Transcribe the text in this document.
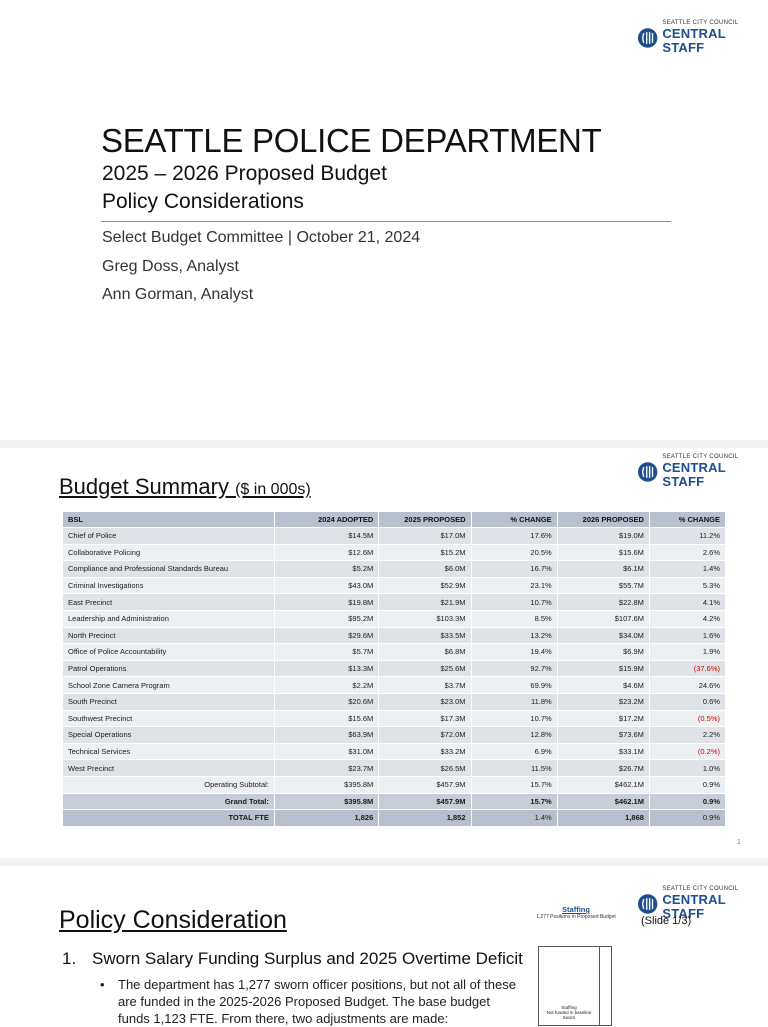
SEATTLE CITY COUNCIL
CENTRAL STAFF
SEATTLE POLICE DEPARTMENT
2025 – 2026 Proposed Budget
Policy Considerations
Select Budget Committee | October 21, 2024
Greg Doss, Analyst
Ann Gorman, Analyst
SEATTLE CITY COUNCIL
CENTRAL STAFF
Budget Summary ($ in 000s)
1
BSL	2024 ADOPTED	2025 PROPOSED	% CHANGE	2026 PROPOSED	% CHANGE
Chief of Police	$14.5M	$17.0M	17.6%	$19.0M	11.2%
Collaborative Policing	$12.6M	$15.2M	20.5%	$15.6M	2.6%
Compliance and Professional Standards Bureau	$5.2M	$6.0M	16.7%	$6.1M	1.4%
Criminal Investigations	$43.0M	$52.9M	23.1%	$55.7M	5.3%
East Precinct	$19.8M	$21.9M	10.7%	$22.8M	4.1%
Leadership and Administration	$95.2M	$103.3M	8.5%	$107.6M	4.2%
North Precinct	$29.6M	$33.5M	13.2%	$34.0M	1.6%
Office of Police Accountability	$5.7M	$6.8M	19.4%	$6.9M	1.9%
Patrol Operations	$13.3M	$25.6M	92.7%	$15.9M	(37.6%)
School Zone Camera Program	$2.2M	$3.7M	69.9%	$4.6M	24.6%
South Precinct	$20.6M	$23.0M	11.8%	$23.2M	0.6%
Southwest Precinct	$15.6M	$17.3M	10.7%	$17.2M	(0.5%)
Special Operations	$63.9M	$72.0M	12.8%	$73.6M	2.2%
Technical Services	$31.0M	$33.2M	6.9%	$33.1M	(0.2%)
West Precinct	$23.7M	$26.5M	11.5%	$26.7M	1.0%
Operating Subtotal:	$395.8M	$457.9M	15.7%	$462.1M	0.9%
Grand Total:	$395.8M	$457.9M	15.7%	$462.1M	0.9%
TOTAL FTE	1,826	1,852	1.4%	1,868	0.9%
SEATTLE CITY COUNCIL
CENTRAL STAFF
Policy Consideration	(Slide 1/3)
1. Sworn Salary Funding Surplus and 2025 Overtime Deficit
• The department has 1,277 sworn officer positions, but not all of these are funded in the 2025-2026 Proposed Budget. The base budget funds 1,123 FTE. From there, two adjustments are made:
Staffing
1,277 Positions in Proposed Budget
Staffing
Not funded in baseline
Sworn
